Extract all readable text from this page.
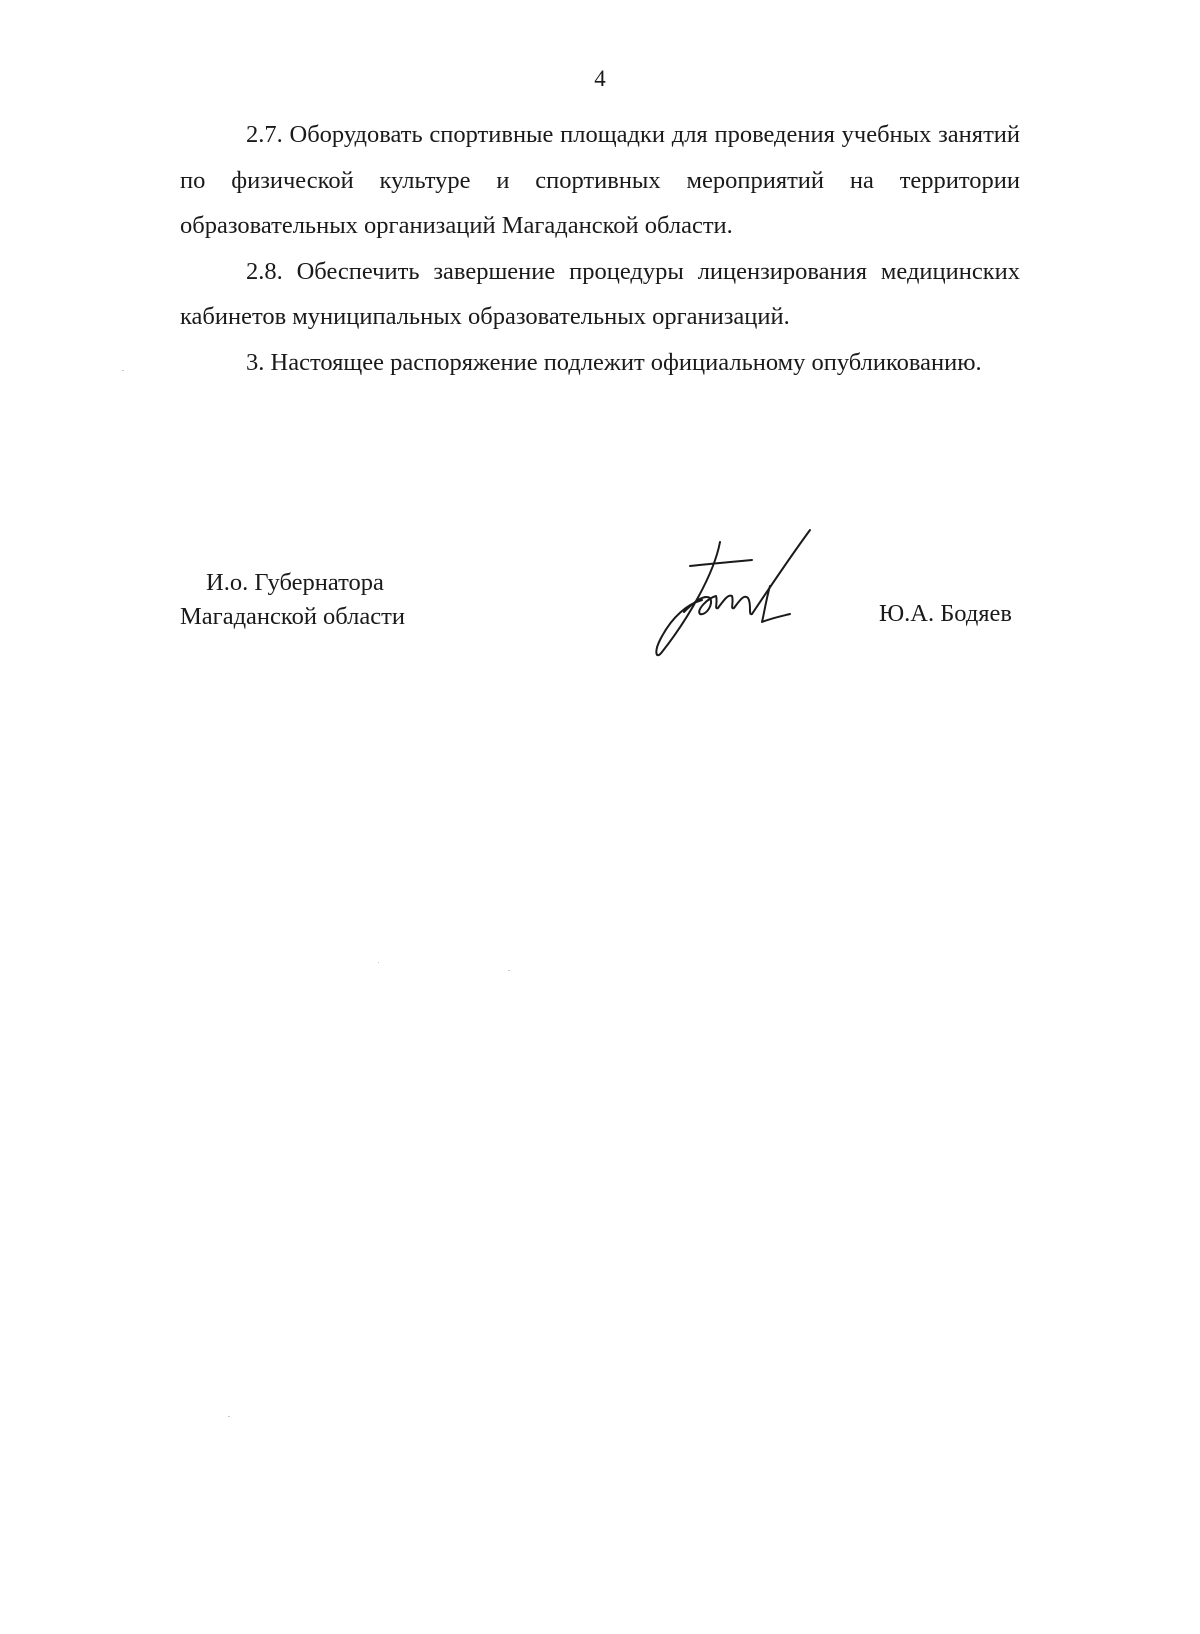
4

2.7. Оборудовать спортивные площадки для проведения учебных занятий по физической культуре и спортивных мероприятий на территории образовательных организаций Магаданской области.

2.8. Обеспечить завершение процедуры лицензирования медицинских кабинетов муниципальных образовательных организаций.

3. Настоящее распоряжение подлежит официальному опубликованию.

И.о. Губернатора
Магаданской области	Ю.А. Бодяев
